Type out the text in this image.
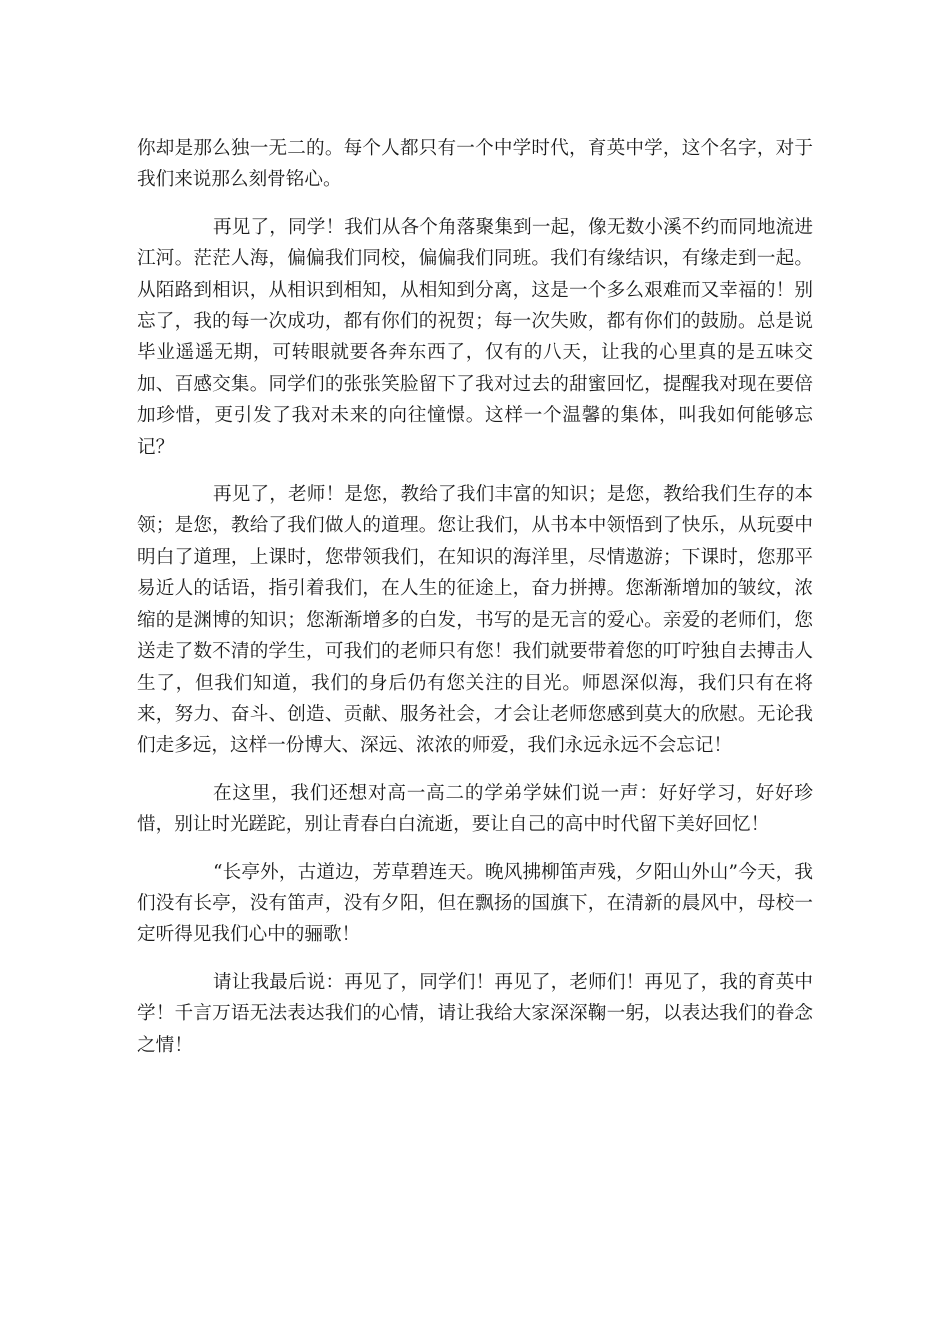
你却是那么独一无二的。每个人都只有一个中学时代，育英中学，这个名字，对于我们来说那么刻骨铭心。

再见了，同学！我们从各个角落聚集到一起，像无数小溪不约而同地流进江河。茫茫人海，偏偏我们同校，偏偏我们同班。我们有缘结识，有缘走到一起。从陌路到相识，从相识到相知，从相知到分离，这是一个多么艰难而又幸福的！别忘了，我的每一次成功，都有你们的祝贺；每一次失败，都有你们的鼓励。总是说毕业遥遥无期，可转眼就要各奔东西了，仅有的八天，让我的心里真的是五味交加、百感交集。同学们的张张笑脸留下了我对过去的甜蜜回忆，提醒我对现在要倍加珍惜，更引发了我对未来的向往憧憬。这样一个温馨的集体，叫我如何能够忘记？

再见了，老师！是您，教给了我们丰富的知识；是您，教给我们生存的本领；是您，教给了我们做人的道理。您让我们，从书本中领悟到了快乐，从玩耍中明白了道理，上课时，您带领我们，在知识的海洋里，尽情遨游；下课时，您那平易近人的话语，指引着我们，在人生的征途上，奋力拼搏。您渐渐增加的皱纹，浓缩的是渊博的知识；您渐渐增多的白发，书写的是无言的爱心。亲爱的老师们，您送走了数不清的学生，可我们的老师只有您！我们就要带着您的叮咛独自去搏击人生了，但我们知道，我们的身后仍有您关注的目光。师恩深似海，我们只有在将来，努力、奋斗、创造、贡献、服务社会，才会让老师您感到莫大的欣慰。无论我们走多远，这样一份博大、深远、浓浓的师爱，我们永远永远不会忘记！

在这里，我们还想对高一高二的学弟学妹们说一声：好好学习，好好珍惜，别让时光蹉跎，别让青春白白流逝，要让自己的高中时代留下美好回忆！

“长亭外，古道边，芳草碧连天。晚风拂柳笛声残，夕阳山外山”今天，我们没有长亭，没有笛声，没有夕阳，但在飘扬的国旗下，在清新的晨风中，母校一定听得见我们心中的骊歌！

请让我最后说：再见了，同学们！再见了，老师们！再见了，我的育英中学！千言万语无法表达我们的心情，请让我给大家深深鞠一躬，以表达我们的眷念之情！
